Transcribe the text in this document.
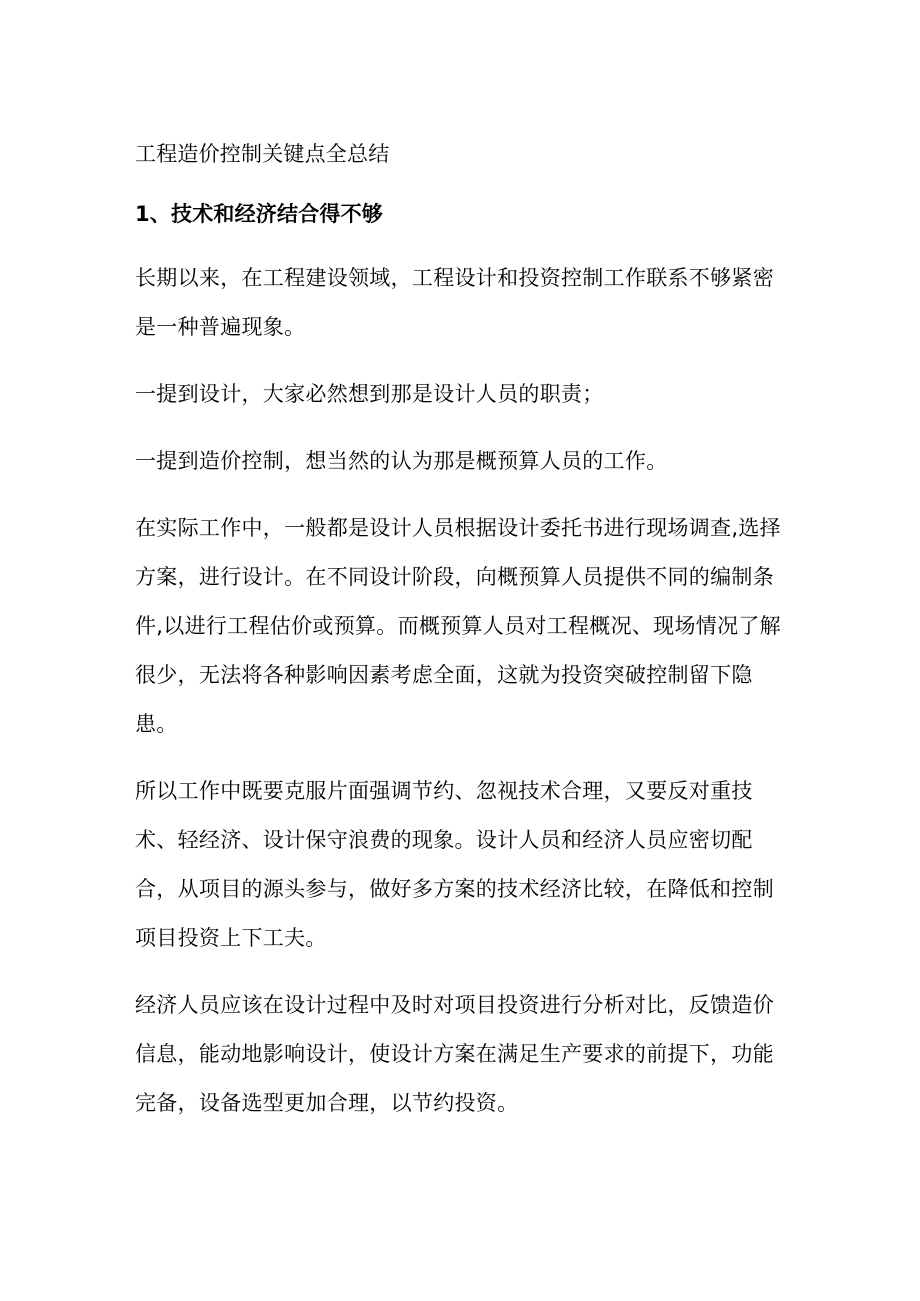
工程造价控制关键点全总结
1、技术和经济结合得不够

长期以来，在工程建设领域，工程设计和投资控制工作联系不够紧密
是一种普遍现象。

一提到设计，大家必然想到那是设计人员的职责；

一提到造价控制，想当然的认为那是概预算人员的工作。

在实际工作中，一般都是设计人员根据设计委托书进行现场调查,选择
方案，进行设计。在不同设计阶段，向概预算人员提供不同的编制条
件,以进行工程估价或预算。而概预算人员对工程概况、现场情况了解
很少，无法将各种影响因素考虑全面，这就为投资突破控制留下隐
患。

所以工作中既要克服片面强调节约、忽视技术合理，又要反对重技
术、轻经济、设计保守浪费的现象。设计人员和经济人员应密切配
合，从项目的源头参与，做好多方案的技术经济比较，在降低和控制
项目投资上下工夫。

经济人员应该在设计过程中及时对项目投资进行分析对比，反馈造价
信息，能动地影响设计，使设计方案在满足生产要求的前提下，功能
完备，设备选型更加合理，以节约投资。
